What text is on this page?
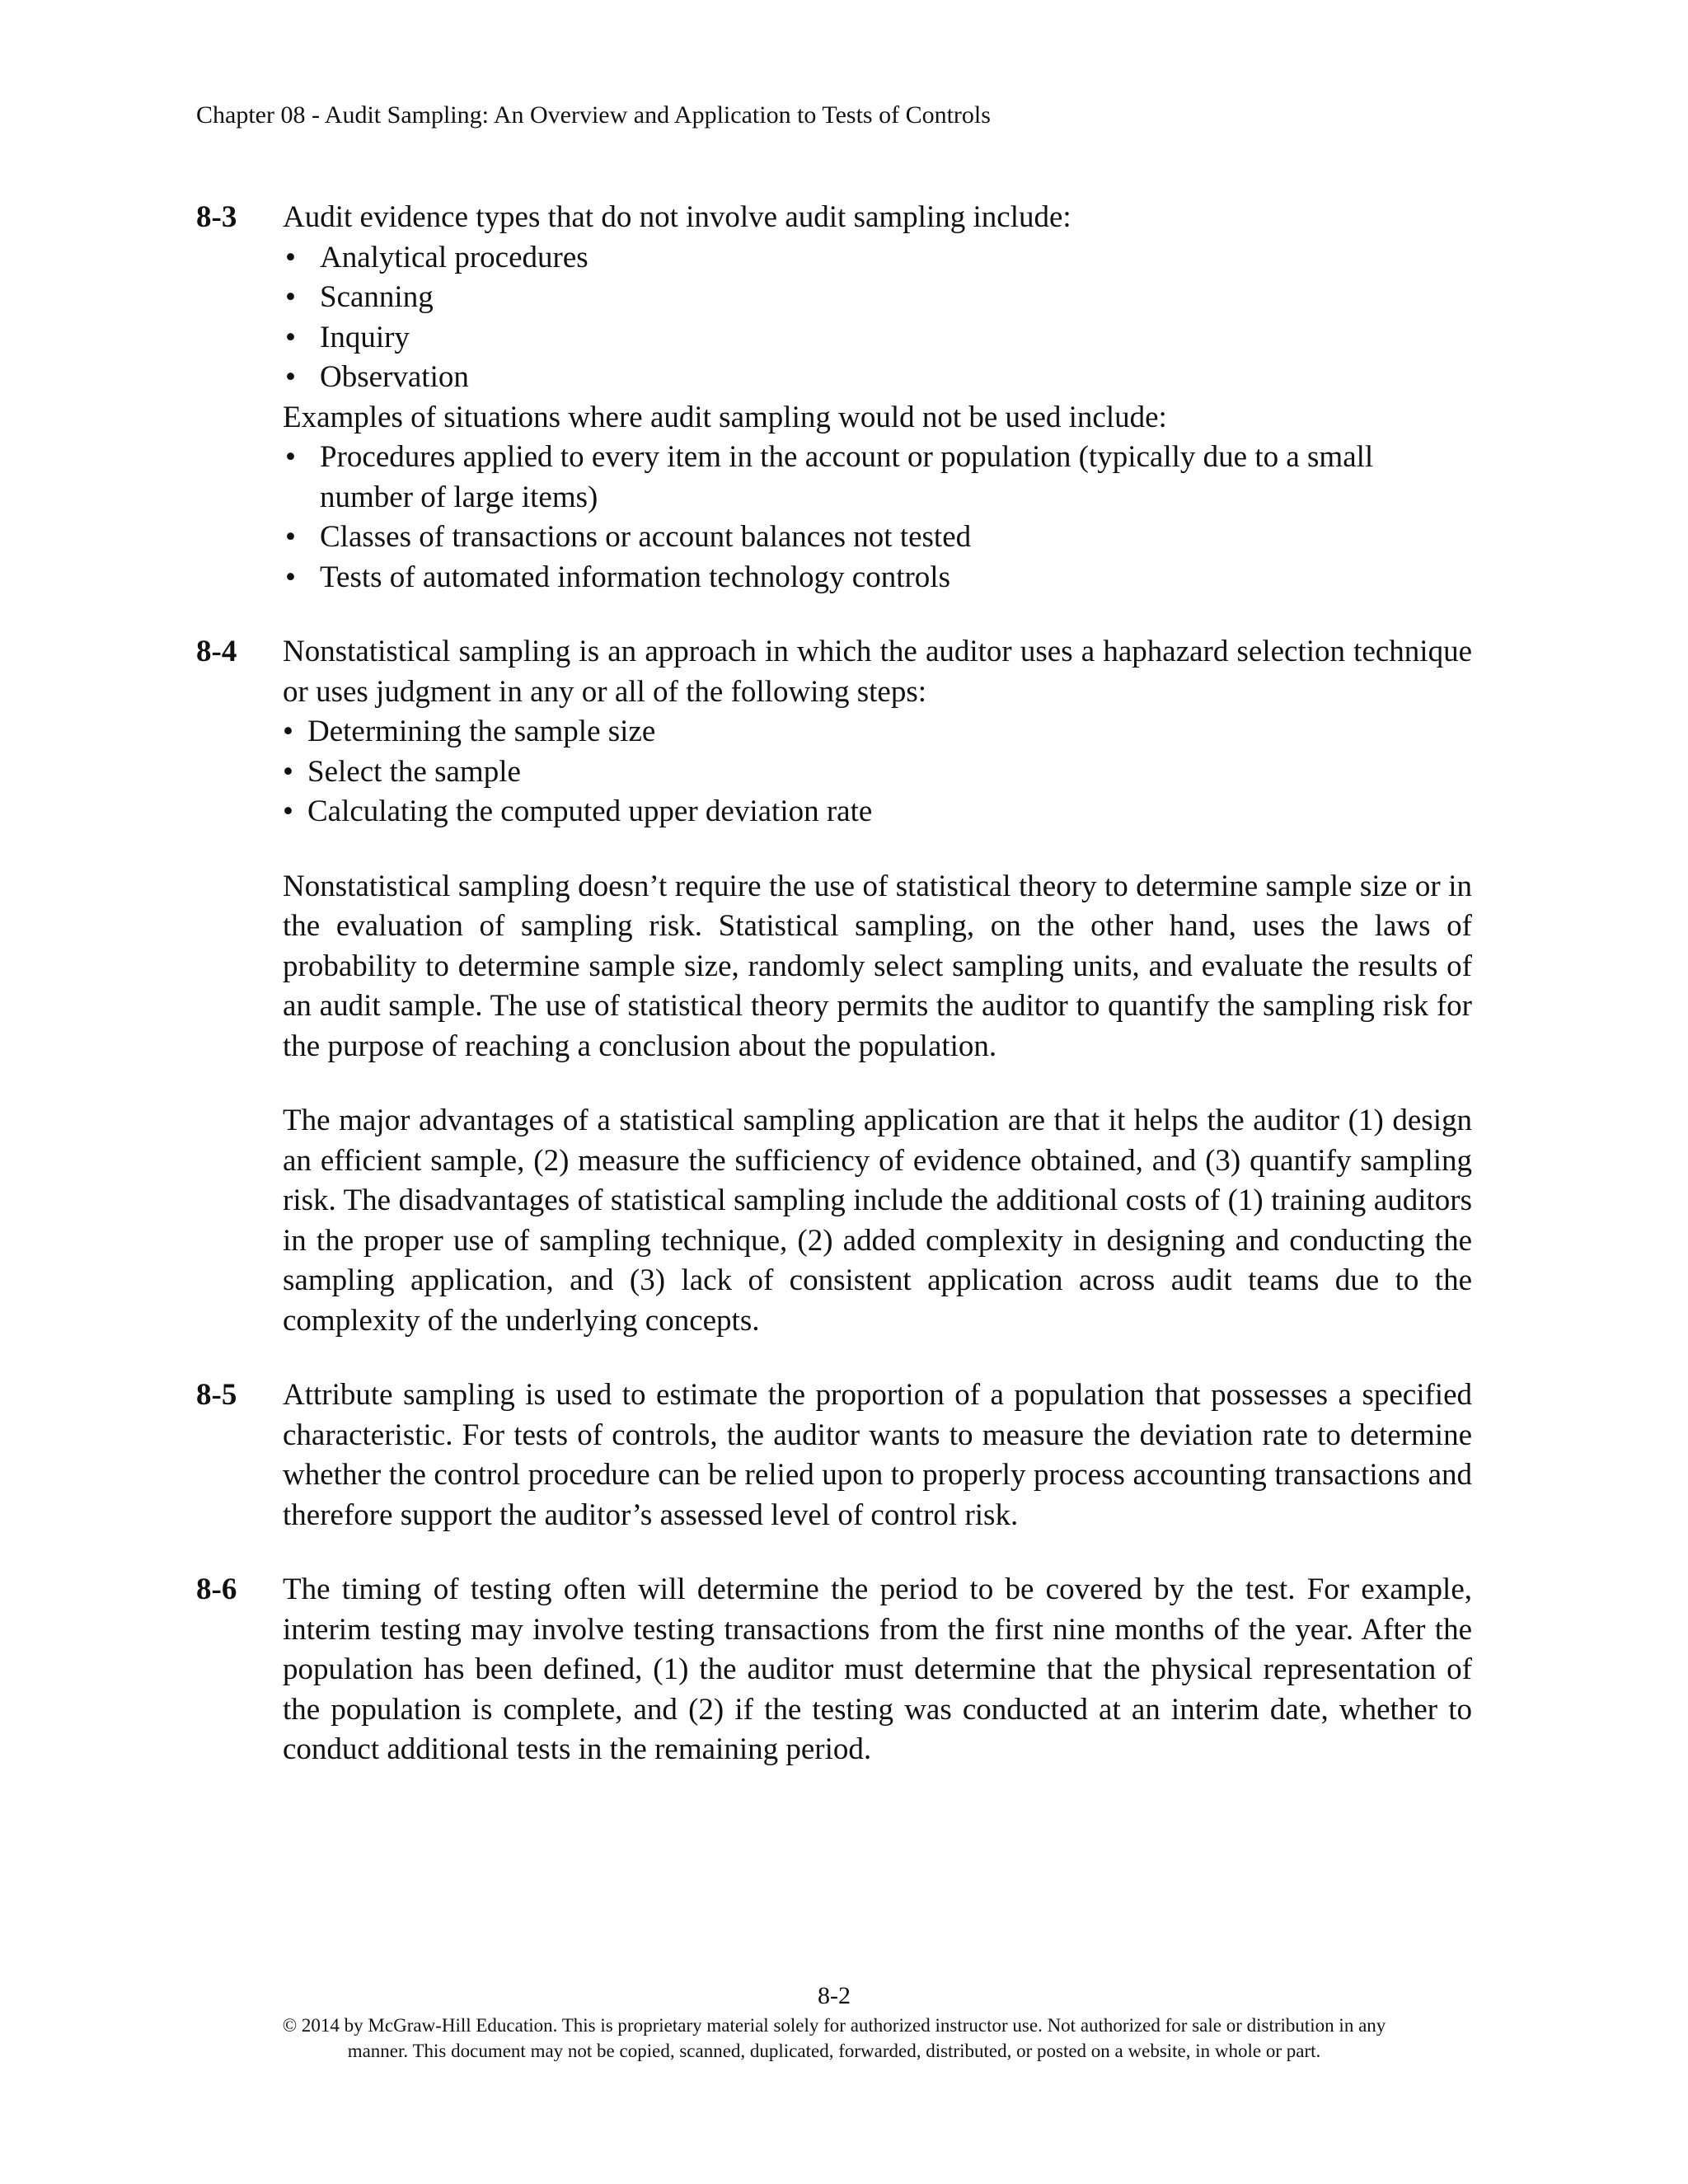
Chapter 08 - Audit Sampling: An Overview and Application to Tests of Controls
8-3	Audit evidence types that do not involve audit sampling include:

• Analytical procedures
• Scanning
• Inquiry
• Observation

Examples of situations where audit sampling would not be used include:

• Procedures applied to every item in the account or population (typically due to a small number of large items)
• Classes of transactions or account balances not tested
• Tests of automated information technology controls
8-4	Nonstatistical sampling is an approach in which the auditor uses a haphazard selection technique or uses judgment in any or all of the following steps:

• Determining the sample size
• Select the sample
• Calculating the computed upper deviation rate

Nonstatistical sampling doesn’t require the use of statistical theory to determine sample size or in the evaluation of sampling risk. Statistical sampling, on the other hand, uses the laws of probability to determine sample size, randomly select sampling units, and evaluate the results of an audit sample. The use of statistical theory permits the auditor to quantify the sampling risk for the purpose of reaching a conclusion about the population.

The major advantages of a statistical sampling application are that it helps the auditor (1) design an efficient sample, (2) measure the sufficiency of evidence obtained, and (3) quantify sampling risk. The disadvantages of statistical sampling include the additional costs of (1) training auditors in the proper use of sampling technique, (2) added complexity in designing and conducting the sampling application, and (3) lack of consistent application across audit teams due to the complexity of the underlying concepts.

8-5	Attribute sampling is used to estimate the proportion of a population that possesses a specified characteristic. For tests of controls, the auditor wants to measure the deviation rate to determine whether the control procedure can be relied upon to properly process accounting transactions and therefore support the auditor’s assessed level of control risk.

8-6	The timing of testing often will determine the period to be covered by the test. For example, interim testing may involve testing transactions from the first nine months of the year. After the population has been defined, (1) the auditor must determine that the physical representation of the population is complete, and (2) if the testing was conducted at an interim date, whether to conduct additional tests in the remaining period.

8-2
© 2014 by McGraw-Hill Education. This is proprietary material solely for authorized instructor use. Not authorized for sale or distribution in any
manner. This document may not be copied, scanned, duplicated, forwarded, distributed, or posted on a website, in whole or part.
